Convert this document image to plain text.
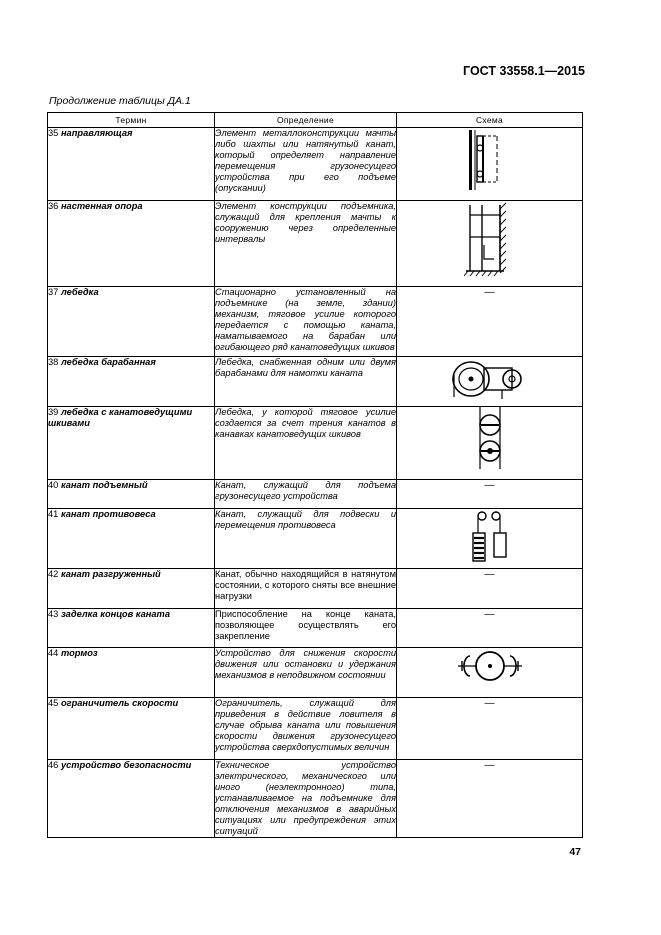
ГОСТ 33558.1—2015
Продолжение таблицы ДА.1
Термин	Определение	Схема
35 направляющая	Элемент металлоконструкции мачты либо шахты или натянутый канат, который определяет направление перемещения грузонесущего устройства при его подъеме (опускании)	

36 настенная опора	Элемент конструкции подъемника, служащий для крепления мачты к сооружению через определенные интервалы	

37 лебедка	Стационарно установленный на подъемнике (на земле, здании) механизм, тяговое усилие которого передается с помощью каната, наматываемого на барабан или огибающего ряд канатоведущих шкивов	—
38 лебедка барабанная	Лебедка, снабженная одним или двумя барабанами для намотки каната	

39 лебедка с канатоведущими шкивами	Лебедка, у которой тяговое усилие создается за счет трения канатов в канавках канатоведущих шкивов	

40 канат подъемный	Канат, служащий для подъема грузонесущего устройства	—
41 канат противовеса	Канат, служащий для подвески и перемещения противовеса	

42 канат разгруженный	Канат, обычно находящийся в натянутом состоянии, с которого сняты все внешние нагрузки	—
43 заделка концов каната	Приспособление на конце каната, позволяющее осуществлять его закрепление	—
44 тормоз	Устройство для снижения скорости движения или остановки и удержания механизмов в неподвижном состоянии	

45 ограничитель скорости	Ограничитель, служащий для приведения в действие ловителя в случае обрыва каната или повышения скорости движения грузонесущего устройства сверхдопустимых величин	—
46 устройство безопасности	Техническое устройство электрического, механического или иного (неэлектронного) типа, устанавливаемое на подъемнике для отключения механизмов в аварийных ситуациях или предупреждения этих ситуаций	—
47
